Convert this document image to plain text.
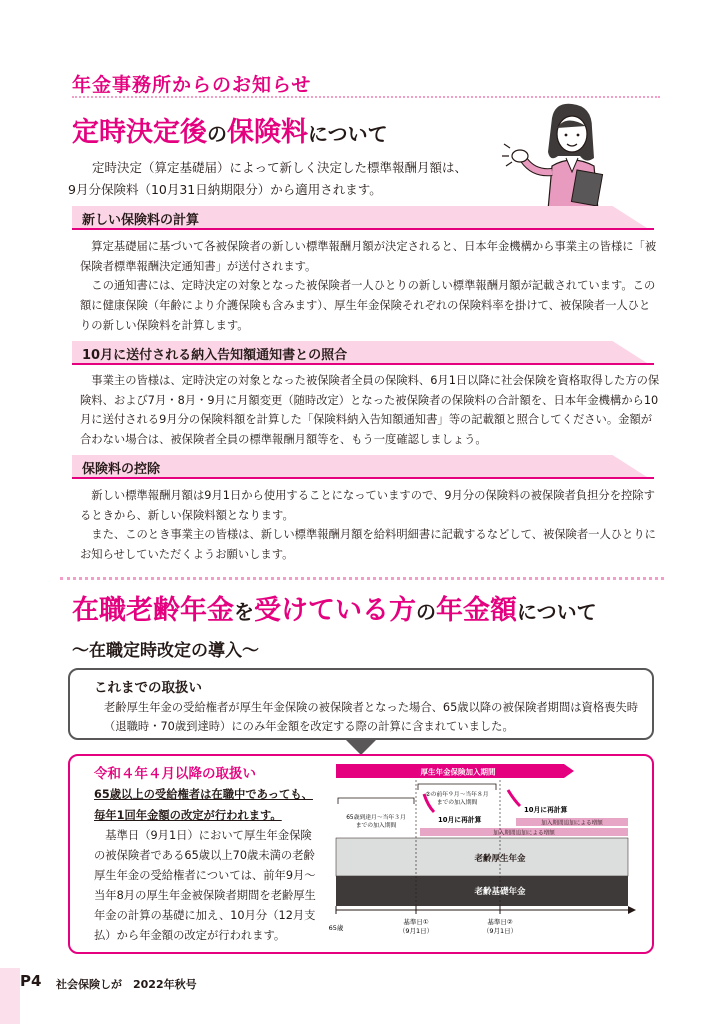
年金事務所からのお知らせ
定時決定後の保険料について
定時決定（算定基礎届）によって新しく決定した標準報酬月額は、
9月分保険料（10月31日納期限分）から適用されます。
新しい保険料の計算

算定基礎届に基づいて各被保険者の新しい標準報酬月額が決定されると、日本年金機構から事業主の皆様に「被保険者標準報酬決定通知書」が送付されます。

この通知書には、定時決定の対象となった被保険者一人ひとりの新しい標準報酬月額が記載されています。この額に健康保険（年齢により介護保険も含みます）、厚生年金保険それぞれの保険料率を掛けて、被保険者一人ひとりの新しい保険料を計算します。

10月に送付される納入告知額通知書との照合

事業主の皆様は、定時決定の対象となった被保険者全員の保険料、6月1日以降に社会保険を資格取得した方の保険料、および7月・8月・9月に月額変更（随時改定）となった被保険者の保険料の合計額を、日本年金機構から10月に送付される9月分の保険料額を計算した「保険料納入告知額通知書」等の記載額と照合してください。金額が合わない場合は、被保険者全員の標準報酬月額等を、もう一度確認しましょう。

保険料の控除

新しい標準報酬月額は9月1日から使用することになっていますので、9月分の保険料の被保険者負担分を控除するときから、新しい保険料額となります。

また、このとき事業主の皆様は、新しい標準報酬月額を給料明細書に記載するなどして、被保険者一人ひとりにお知らせしていただくようお願いします。

在職老齢年金を受けている方の年金額について
〜在職定時改定の導入〜
これまでの取扱い
老齢厚生年金の受給権者が厚生年金保険の被保険者となった場合、65歳以降の被保険者期間は資格喪失時（退職時・70歳到達時）にのみ年金額を改定する際の計算に含まれていました。
令和４年４月以降の取扱い
65歳以上の受給権者は在職中であっても、毎年1回年金額の改定が行われます。
基準日（9月1日）において厚生年金保険の被保険者である65歳以上70歳未満の老齢厚生年金の受給権者については、前年9月〜当年8月の厚生年金被保険者期間を老齢厚生年金の計算の基礎に加え、10月分（12月支払）から年金額の改定が行われます。
厚生年金保険加入期間
65歳到達月〜当年３月
までの加入期間
②の前年９月〜当年８月
までの加入期間
10月に再計算
10月に再計算
加入期間追加による増額
加入期間追加による増額
老齢厚生年金
老齢基礎年金
65歳
基準日①
（9月1日）
基準日②
（9月1日）
P4 社会保険しが　2022年秋号
